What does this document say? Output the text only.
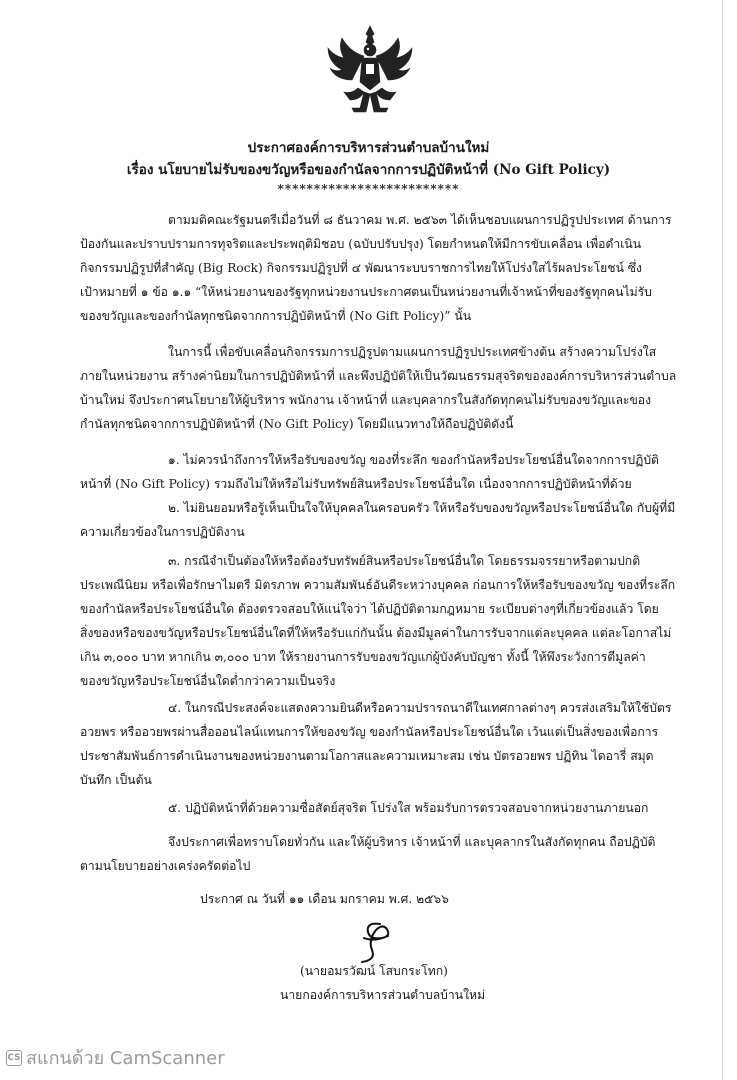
ประกาศองค์การบริหารส่วนตำบลบ้านใหม่
เรื่อง นโยบายไม่รับของขวัญหรือของกำนัลจากการปฏิบัติหน้าที่ (No Gift Policy)
*************************
ตามมติคณะรัฐมนตรีเมื่อวันที่ ๘ ธันวาคม พ.ศ. ๒๕๖๓ ได้เห็นชอบแผนการปฏิรูปประเทศ ด้านการ
ป้องกันและปราบปรามการทุจริตและประพฤติมิชอบ (ฉบับปรับปรุง) โดยกำหนดให้มีการขับเคลื่อน เพื่อดำเนิน
กิจกรรมปฏิรูปที่สำคัญ (Big Rock) กิจกรรมปฏิรูปที่ ๔ พัฒนาระบบราชการไทยให้โปร่งใสไร้ผลประโยชน์ ซึ่ง
เป้าหมายที่ ๑ ข้อ ๑.๑ “ให้หน่วยงานของรัฐทุกหน่วยงานประกาศตนเป็นหน่วยงานที่เจ้าหน้าที่ของรัฐทุกคนไม่รับ
ของขวัญและของกำนัลทุกชนิดจากการปฏิบัติหน้าที่ (No Gift Policy)” นั้น
ในการนี้ เพื่อขับเคลื่อนกิจกรรมการปฏิรูปตามแผนการปฏิรูปประเทศข้างต้น สร้างความโปร่งใส
ภายในหน่วยงาน สร้างค่านิยมในการปฏิบัติหน้าที่ และพึงปฏิบัติให้เป็นวัฒนธรรมสุจริตขององค์การบริหารส่วนตำบล
บ้านใหม่ จึงประกาศนโยบายให้ผู้บริหาร พนักงาน เจ้าหน้าที่ และบุคลากรในสังกัดทุกคนไม่รับของขวัญและของ
กำนัลทุกชนิดจากการปฏิบัติหน้าที่ (No Gift Policy) โดยมีแนวทางให้ถือปฏิบัติดังนี้
๑. ไม่ควรนำถึงการให้หรือรับของขวัญ ของที่ระลึก ของกำนัลหรือประโยชน์อื่นใดจากการปฏิบัติ
หน้าที่ (No Gift Policy) รวมถึงไม่ให้หรือไม่รับทรัพย์สินหรือประโยชน์อื่นใด เนื่องจากการปฏิบัติหน้าที่ด้วย
๒. ไม่ยินยอมหรือรู้เห็นเป็นใจให้บุคคลในครอบครัว ให้หรือรับของขวัญหรือประโยชน์อื่นใด กับผู้ที่มี
ความเกี่ยวข้องในการปฏิบัติงาน
๓. กรณีจำเป็นต้องให้หรือต้องรับทรัพย์สินหรือประโยชน์อื่นใด โดยธรรมจรรยาหรือตามปกติ
ประเพณีนิยม หรือเพื่อรักษาไมตรี มิตรภาพ ความสัมพันธ์อันดีระหว่างบุคคล ก่อนการให้หรือรับของขวัญ ของที่ระลึก
ของกำนัลหรือประโยชน์อื่นใด ต้องตรวจสอบให้แน่ใจว่า ได้ปฏิบัติตามกฎหมาย ระเบียบต่างๆที่เกี่ยวข้องแล้ว โดย
สิ่งของหรือของขวัญหรือประโยชน์อื่นใดที่ให้หรือรับแก่กันนั้น ต้องมีมูลค่าในการรับจากแต่ละบุคคล แต่ละโอกาสไม่
เกิน ๓,๐๐๐ บาท หากเกิน ๓,๐๐๐ บาท ให้รายงานการรับของขวัญแก่ผู้บังคับบัญชา ทั้งนี้ ให้พึงระวังการตีมูลค่า
ของขวัญหรือประโยชน์อื่นใดต่ำกว่าความเป็นจริง
๔. ในกรณีประสงค์จะแสดงความยินดีหรือความปรารถนาดีในเทศกาลต่างๆ ควรส่งเสริมให้ใช้บัตร
อวยพร หรืออวยพรผ่านสื่อออนไลน์แทนการให้ของขวัญ ของกำนัลหรือประโยชน์อื่นใด เว้นแต่เป็นสิ่งของเพื่อการ
ประชาสัมพันธ์การดำเนินงานของหน่วยงานตามโอกาสและความเหมาะสม เช่น บัตรอวยพร ปฏิทิน ไดอารี่ สมุด
บันทึก เป็นต้น
๕. ปฏิบัติหน้าที่ด้วยความซื่อสัตย์สุจริต โปร่งใส พร้อมรับการตรวจสอบจากหน่วยงานภายนอก
จึงประกาศเพื่อทราบโดยทั่วกัน และให้ผู้บริหาร เจ้าหน้าที่ และบุคลากรในสังกัดทุกคน ถือปฏิบัติ
ตามนโยบายอย่างเคร่งครัดต่อไป
ประกาศ ณ วันที่ ๑๑ เดือน มกราคม พ.ศ. ๒๕๖๖
(นายอมรวัฒน์ โสบกระโทก)
นายกองค์การบริหารส่วนตำบลบ้านใหม่
CS สแกนด้วย CamScanner
